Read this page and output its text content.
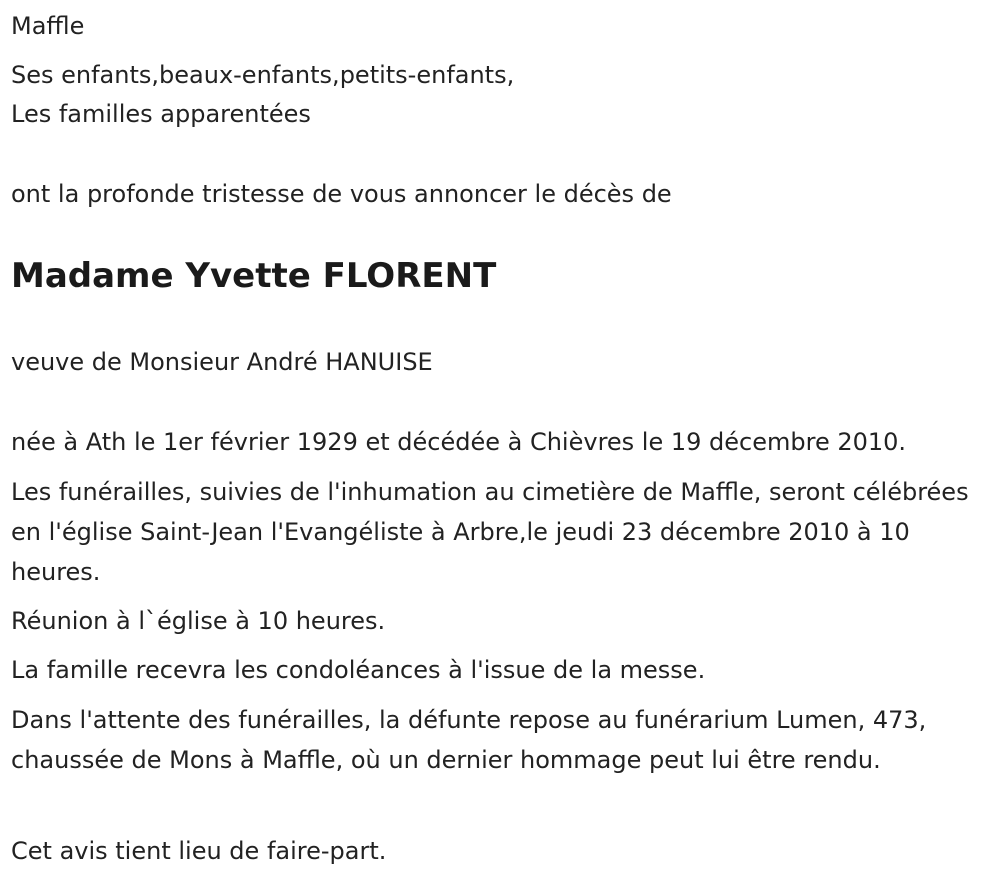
Maffle
Ses enfants,beaux-enfants,petits-enfants,
Les familles apparentées
ont la profonde tristesse de vous annoncer le décès de
Madame Yvette FLORENT
veuve de Monsieur André HANUISE
née à Ath le 1er février 1929 et décédée à Chièvres le 19 décembre 2010.
Les funérailles, suivies de l'inhumation au cimetière de Maffle, seront célébrées en l'église Saint-Jean l'Evangéliste à Arbre,le jeudi 23 décembre 2010 à 10 heures.
Réunion à l`église à 10 heures.
La famille recevra les condoléances à l'issue de la messe.
Dans l'attente des funérailles, la défunte repose au funérarium Lumen, 473, chaussée de Mons à Maffle, où un dernier hommage peut lui être rendu.
Cet avis tient lieu de faire-part.
